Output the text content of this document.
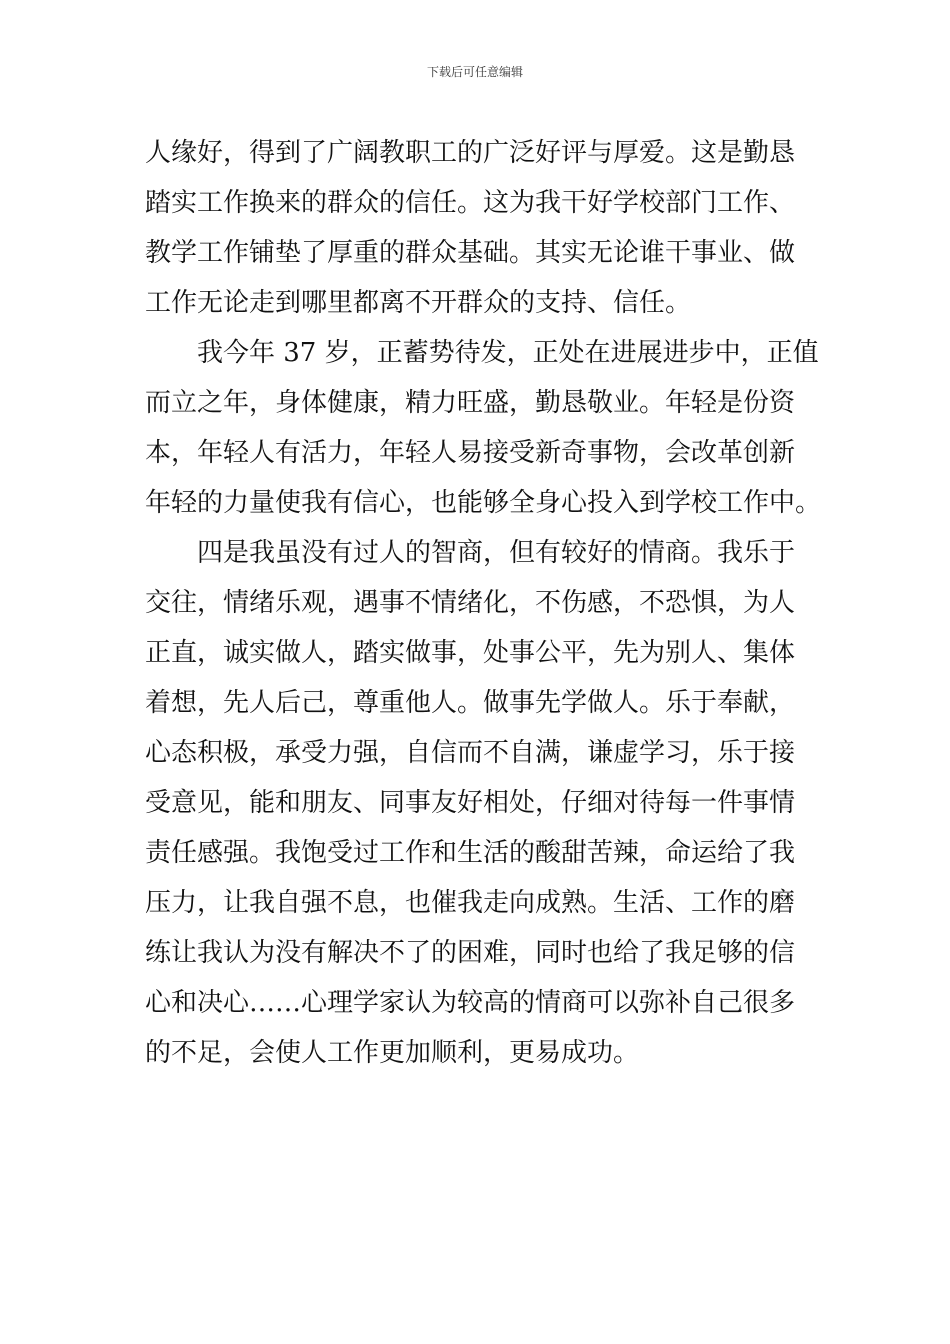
下载后可任意编辑
人缘好，得到了广阔教职工的广泛好评与厚爱。这是勤恳
踏实工作换来的群众的信任。这为我干好学校部门工作、
教学工作铺垫了厚重的群众基础。其实无论谁干事业、做
工作无论走到哪里都离不开群众的支持、信任。
我今年 37 岁，正蓄势待发，正处在进展进步中，正值
而立之年，身体健康，精力旺盛，勤恳敬业。年轻是份资
本，年轻人有活力，年轻人易接受新奇事物，会改革创新
年轻的力量使我有信心，也能够全身心投入到学校工作中。
四是我虽没有过人的智商，但有较好的情商。我乐于
交往，情绪乐观，遇事不情绪化，不伤感，不恐惧，为人
正直，诚实做人，踏实做事，处事公平，先为别人、集体
着想，先人后己，尊重他人。做事先学做人。乐于奉献，
心态积极，承受力强，自信而不自满，谦虚学习，乐于接
受意见，能和朋友、同事友好相处，仔细对待每一件事情
责任感强。我饱受过工作和生活的酸甜苦辣，命运给了我
压力，让我自强不息，也催我走向成熟。生活、工作的磨
练让我认为没有解决不了的困难，同时也给了我足够的信
心和决心……心理学家认为较高的情商可以弥补自己很多
的不足，会使人工作更加顺利，更易成功。
